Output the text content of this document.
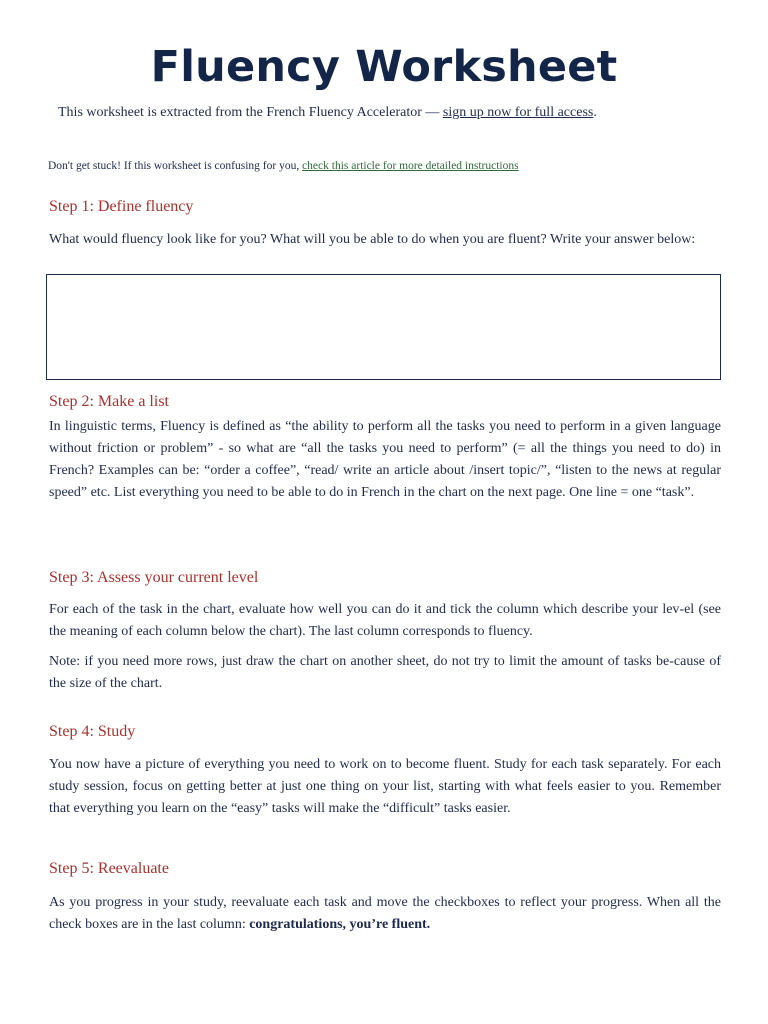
Fluency Worksheet
This worksheet is extracted from the French Fluency Accelerator — sign up now for full access.
Don't get stuck! If this worksheet is confusing for you, check this article for more detailed instructions
Step 1: Define fluency

What would fluency look like for you? What will you be able to do when you are fluent? Write your answer below:

Step 2: Make a list

In linguistic terms, Fluency is defined as “the ability to perform all the tasks you need to perform in a given language without friction or problem” - so what are “all the tasks you need to perform” (= all the things you need to do) in French? Examples can be: “order a coffee”, “read/ write an article about /insert topic/”, “listen to the news at regular speed” etc. List everything you need to be able to do in French in the chart on the next page. One line = one “task”.

Step 3: Assess your current level

For each of the task in the chart, evaluate how well you can do it and tick the column which describe your lev-el (see the meaning of each column below the chart). The last column corresponds to fluency.

Note: if you need more rows, just draw the chart on another sheet, do not try to limit the amount of tasks be-cause of the size of the chart.

Step 4: Study

You now have a picture of everything you need to work on to become fluent. Study for each task separately. For each study session, focus on getting better at just one thing on your list, starting with what feels easier to you. Remember that everything you learn on the “easy” tasks will make the “difficult” tasks easier.

Step 5: Reevaluate

As you progress in your study, reevaluate each task and move the checkboxes to reflect your progress. When all the check boxes are in the last column: congratulations, you’re fluent.
